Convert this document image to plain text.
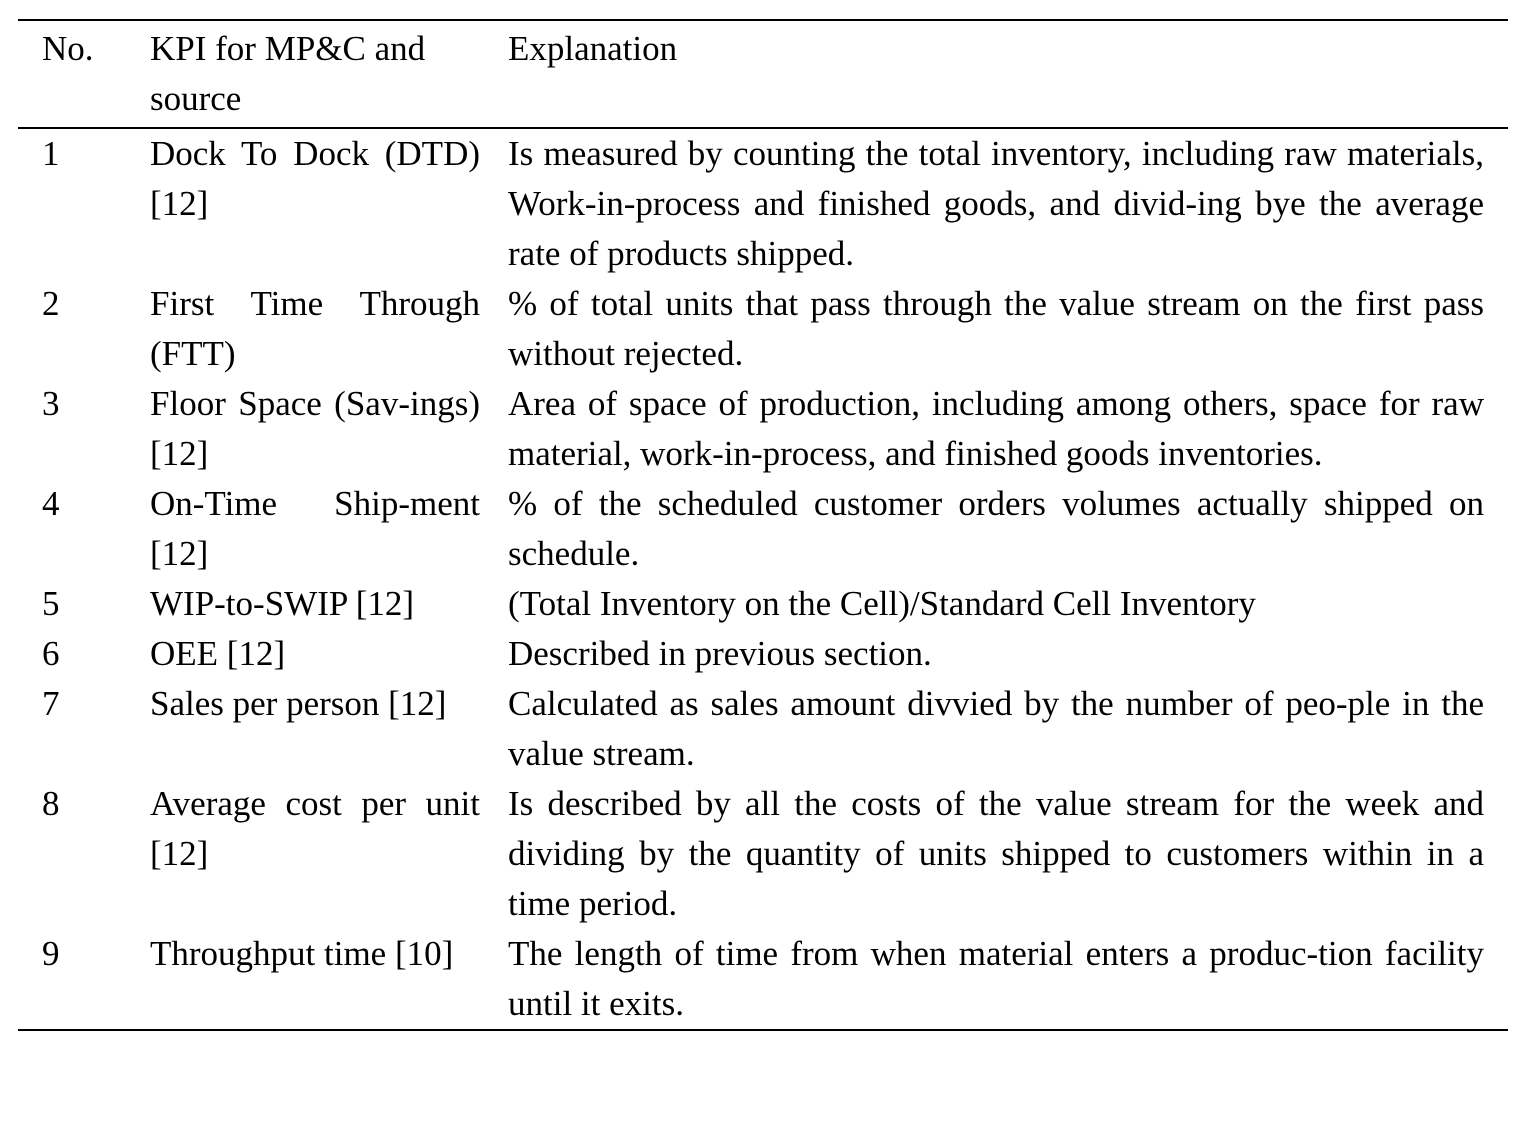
No.	KPI for MP&C and source	Explanation
1	Dock To Dock (DTD) [12]	Is measured by counting the total inventory, including raw materials, Work-in-process and finished goods, and divid-ing bye the average rate of products shipped.
2	First Time Through (FTT)	% of total units that pass through the value stream on the first pass without rejected.
3	Floor Space (Sav-ings) [12]	Area of space of production, including among others, space for raw material, work-in-process, and finished goods inventories.
4	On-Time Ship-ment [12]	% of the scheduled customer orders volumes actually shipped on schedule.
5	WIP-to-SWIP [12]	(Total Inventory on the Cell)/Standard Cell Inventory
6	OEE [12]	Described in previous section.
7	Sales per person [12]	Calculated as sales amount divvied by the number of peo-ple in the value stream.
8	Average cost per unit [12]	Is described by all the costs of the value stream for the week and dividing by the quantity of units shipped to customers within in a time period.
9	Throughput time [10]	The length of time from when material enters a produc-tion facility until it exits.
